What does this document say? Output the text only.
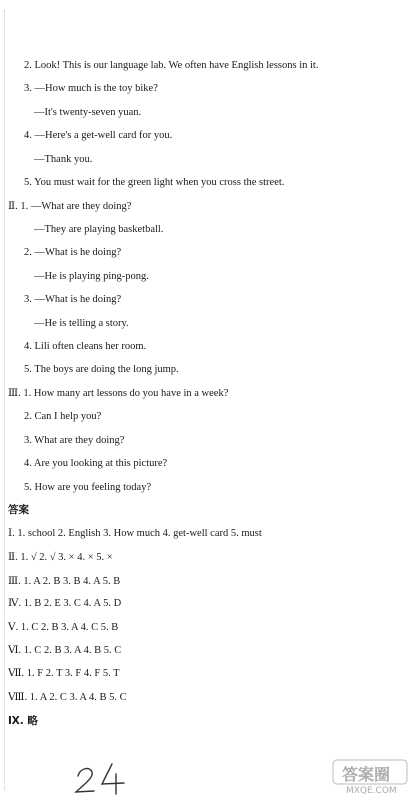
2. Look! This is our language lab. We often have English lessons in it.
3. —How much is the toy bike?
—It's twenty-seven yuan.
4. —Here's a get-well card for you.
—Thank you.
5. You must wait for the green light when you cross the street.
Ⅱ. 1. —What are they doing?
—They are playing basketball.
2. —What is he doing?
—He is playing ping-pong.
3. —What is he doing?
—He is telling a story.
4. Lili often cleans her room.
5. The boys are doing the long jump.
Ⅲ. 1. How many art lessons do you have in a week?
2. Can I help you?
3. What are they doing?
4. Are you looking at this picture?
5. How are you feeling today?
答案
Ⅰ. 1. school 2. English 3. How much 4. get-well card 5. must
Ⅱ. 1. √ 2. √ 3. × 4. × 5. ×
Ⅲ. 1. A 2. B 3. B 4. A 5. B
Ⅳ. 1. B 2. E 3. C 4. A 5. D
Ⅴ. 1. C 2. B 3. A 4. C 5. B
Ⅵ. 1. C 2. B 3. A 4. B 5. C
Ⅶ. 1. F 2. T 3. F 4. F 5. T
Ⅷ. 1. A 2. C 3. A 4. B 5. C
Ⅸ. 略
答案圈
MXQE.COM
